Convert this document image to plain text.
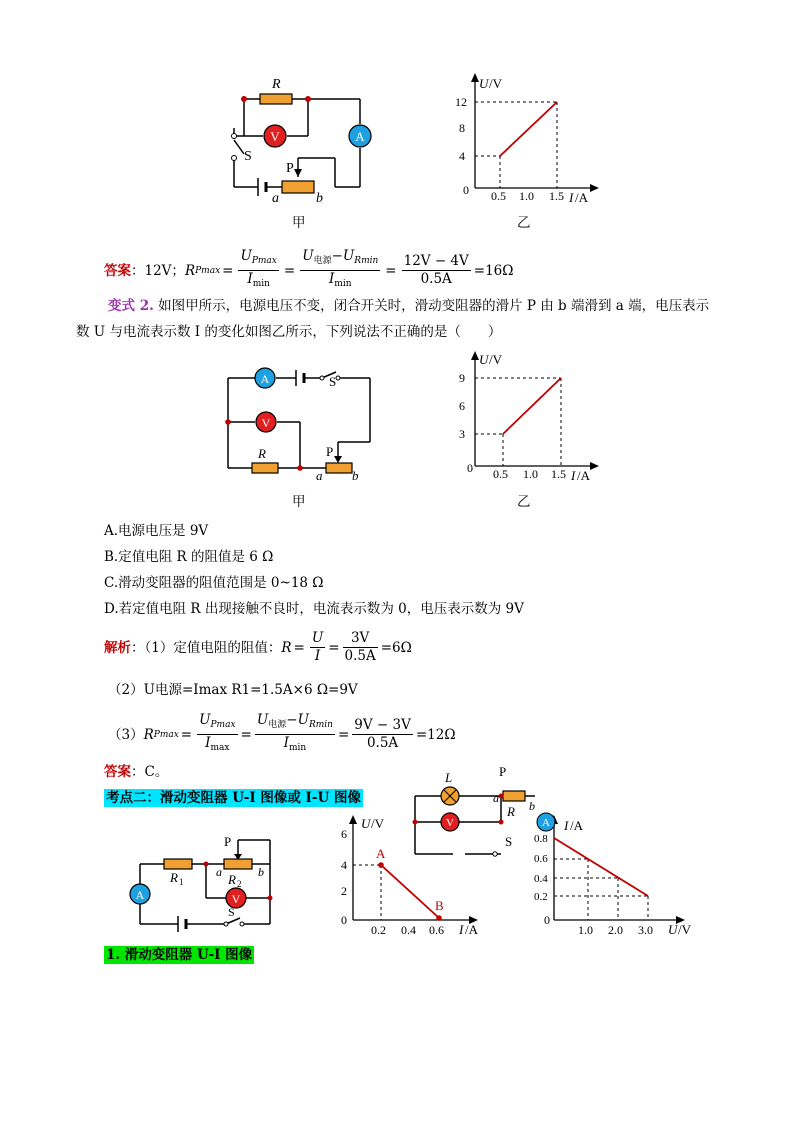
V	A
R
S
P
a	b
甲
U /V
12
8
4
0 0.5 1.0 1.5 I /A
乙
答案 ：12V； R $Pmax = \frac{U_{Pmax}}{I_{min}} = \frac{U_{电源}-U_{Rmin}}{I_{min}} = \frac{12V - 4V}{0.5A} =16\Omega$
变式 2. 如图甲所示，电源电压不变，闭合开关时，滑动变阻器的滑片 P 由 b 端滑到 a 端，电压表示
数 U 与电流表示数 I 的变化如图乙所示，下列说法不正确的是（　　）
A
V
S
R	P
a b
甲
U /V
9
6
3
0 0.5 1.0 1.5 I /A
乙
A.电源电压是 9V
B.定值电阻 R 的阻值是 6 Ω
C.滑动变阻器的阻值范围是 0~18 Ω
D.若定值电阻 R 出现接触不良时，电流表示数为 0，电压表示数为 9V
解析 ：（1）定值电阻的阻值： $R = \frac{U}{I} = \frac{3V}{0.5A} =6\Omega$
（2）U电源=Imax R1=1.5A×6 Ω=9V
（3） R $Pmax = \frac{U_{Pmax}}{I_{max}} = \frac{U_{电源}-U_{Rmin}}{I_{min}} = \frac{9V - 3V}{0.5A} =12\Omega$
答案：C。
考点二：滑动变阻器 U-I 图像或 I-U 图像
V
L	P
a
R b
S
A	V
P
a	b
R 2
R 1
S
A
B
U /V
6
4
2
0
0.2 0.4 0.6 I /A
A I /A
0.8
0.6
0.4
0.2
0
1.0 2.0 3.0 U /V
1. 滑动变阻器 U-I 图像
